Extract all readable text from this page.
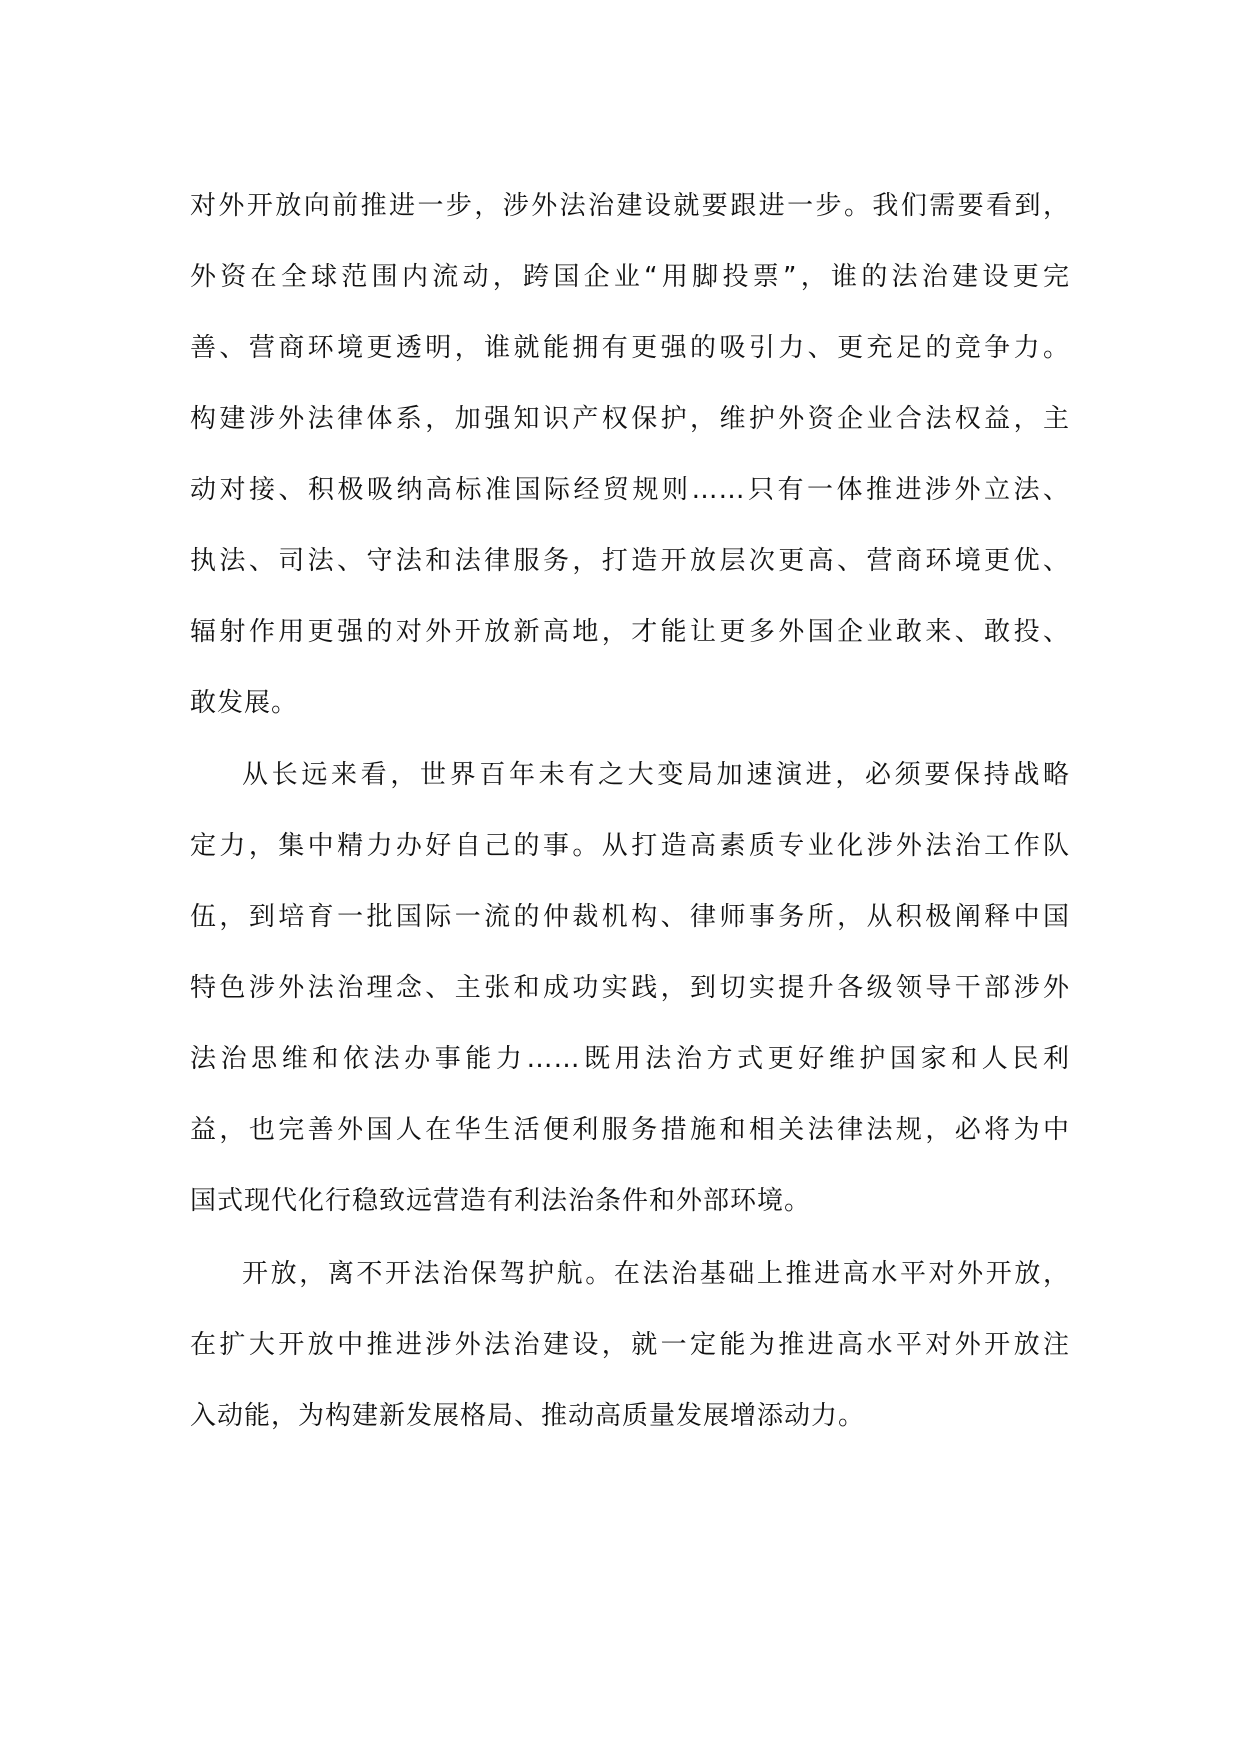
对外开放向前推进一步，涉外法治建设就要跟进一步。我们需要看到，
外资在全球范围内流动，跨国企业“用脚投票”，谁的法治建设更完
善、营商环境更透明，谁就能拥有更强的吸引力、更充足的竞争力。
构建涉外法律体系，加强知识产权保护，维护外资企业合法权益，主
动对接、积极吸纳高标准国际经贸规则……只有一体推进涉外立法、
执法、司法、守法和法律服务，打造开放层次更高、营商环境更优、
辐射作用更强的对外开放新高地，才能让更多外国企业敢来、敢投、
敢发展。
从长远来看，世界百年未有之大变局加速演进，必须要保持战略
定力，集中精力办好自己的事。从打造高素质专业化涉外法治工作队
伍，到培育一批国际一流的仲裁机构、律师事务所，从积极阐释中国
特色涉外法治理念、主张和成功实践，到切实提升各级领导干部涉外
法治思维和依法办事能力……既用法治方式更好维护国家和人民利
益，也完善外国人在华生活便利服务措施和相关法律法规，必将为中
国式现代化行稳致远营造有利法治条件和外部环境。
开放，离不开法治保驾护航。在法治基础上推进高水平对外开放，
在扩大开放中推进涉外法治建设，就一定能为推进高水平对外开放注
入动能，为构建新发展格局、推动高质量发展增添动力。
